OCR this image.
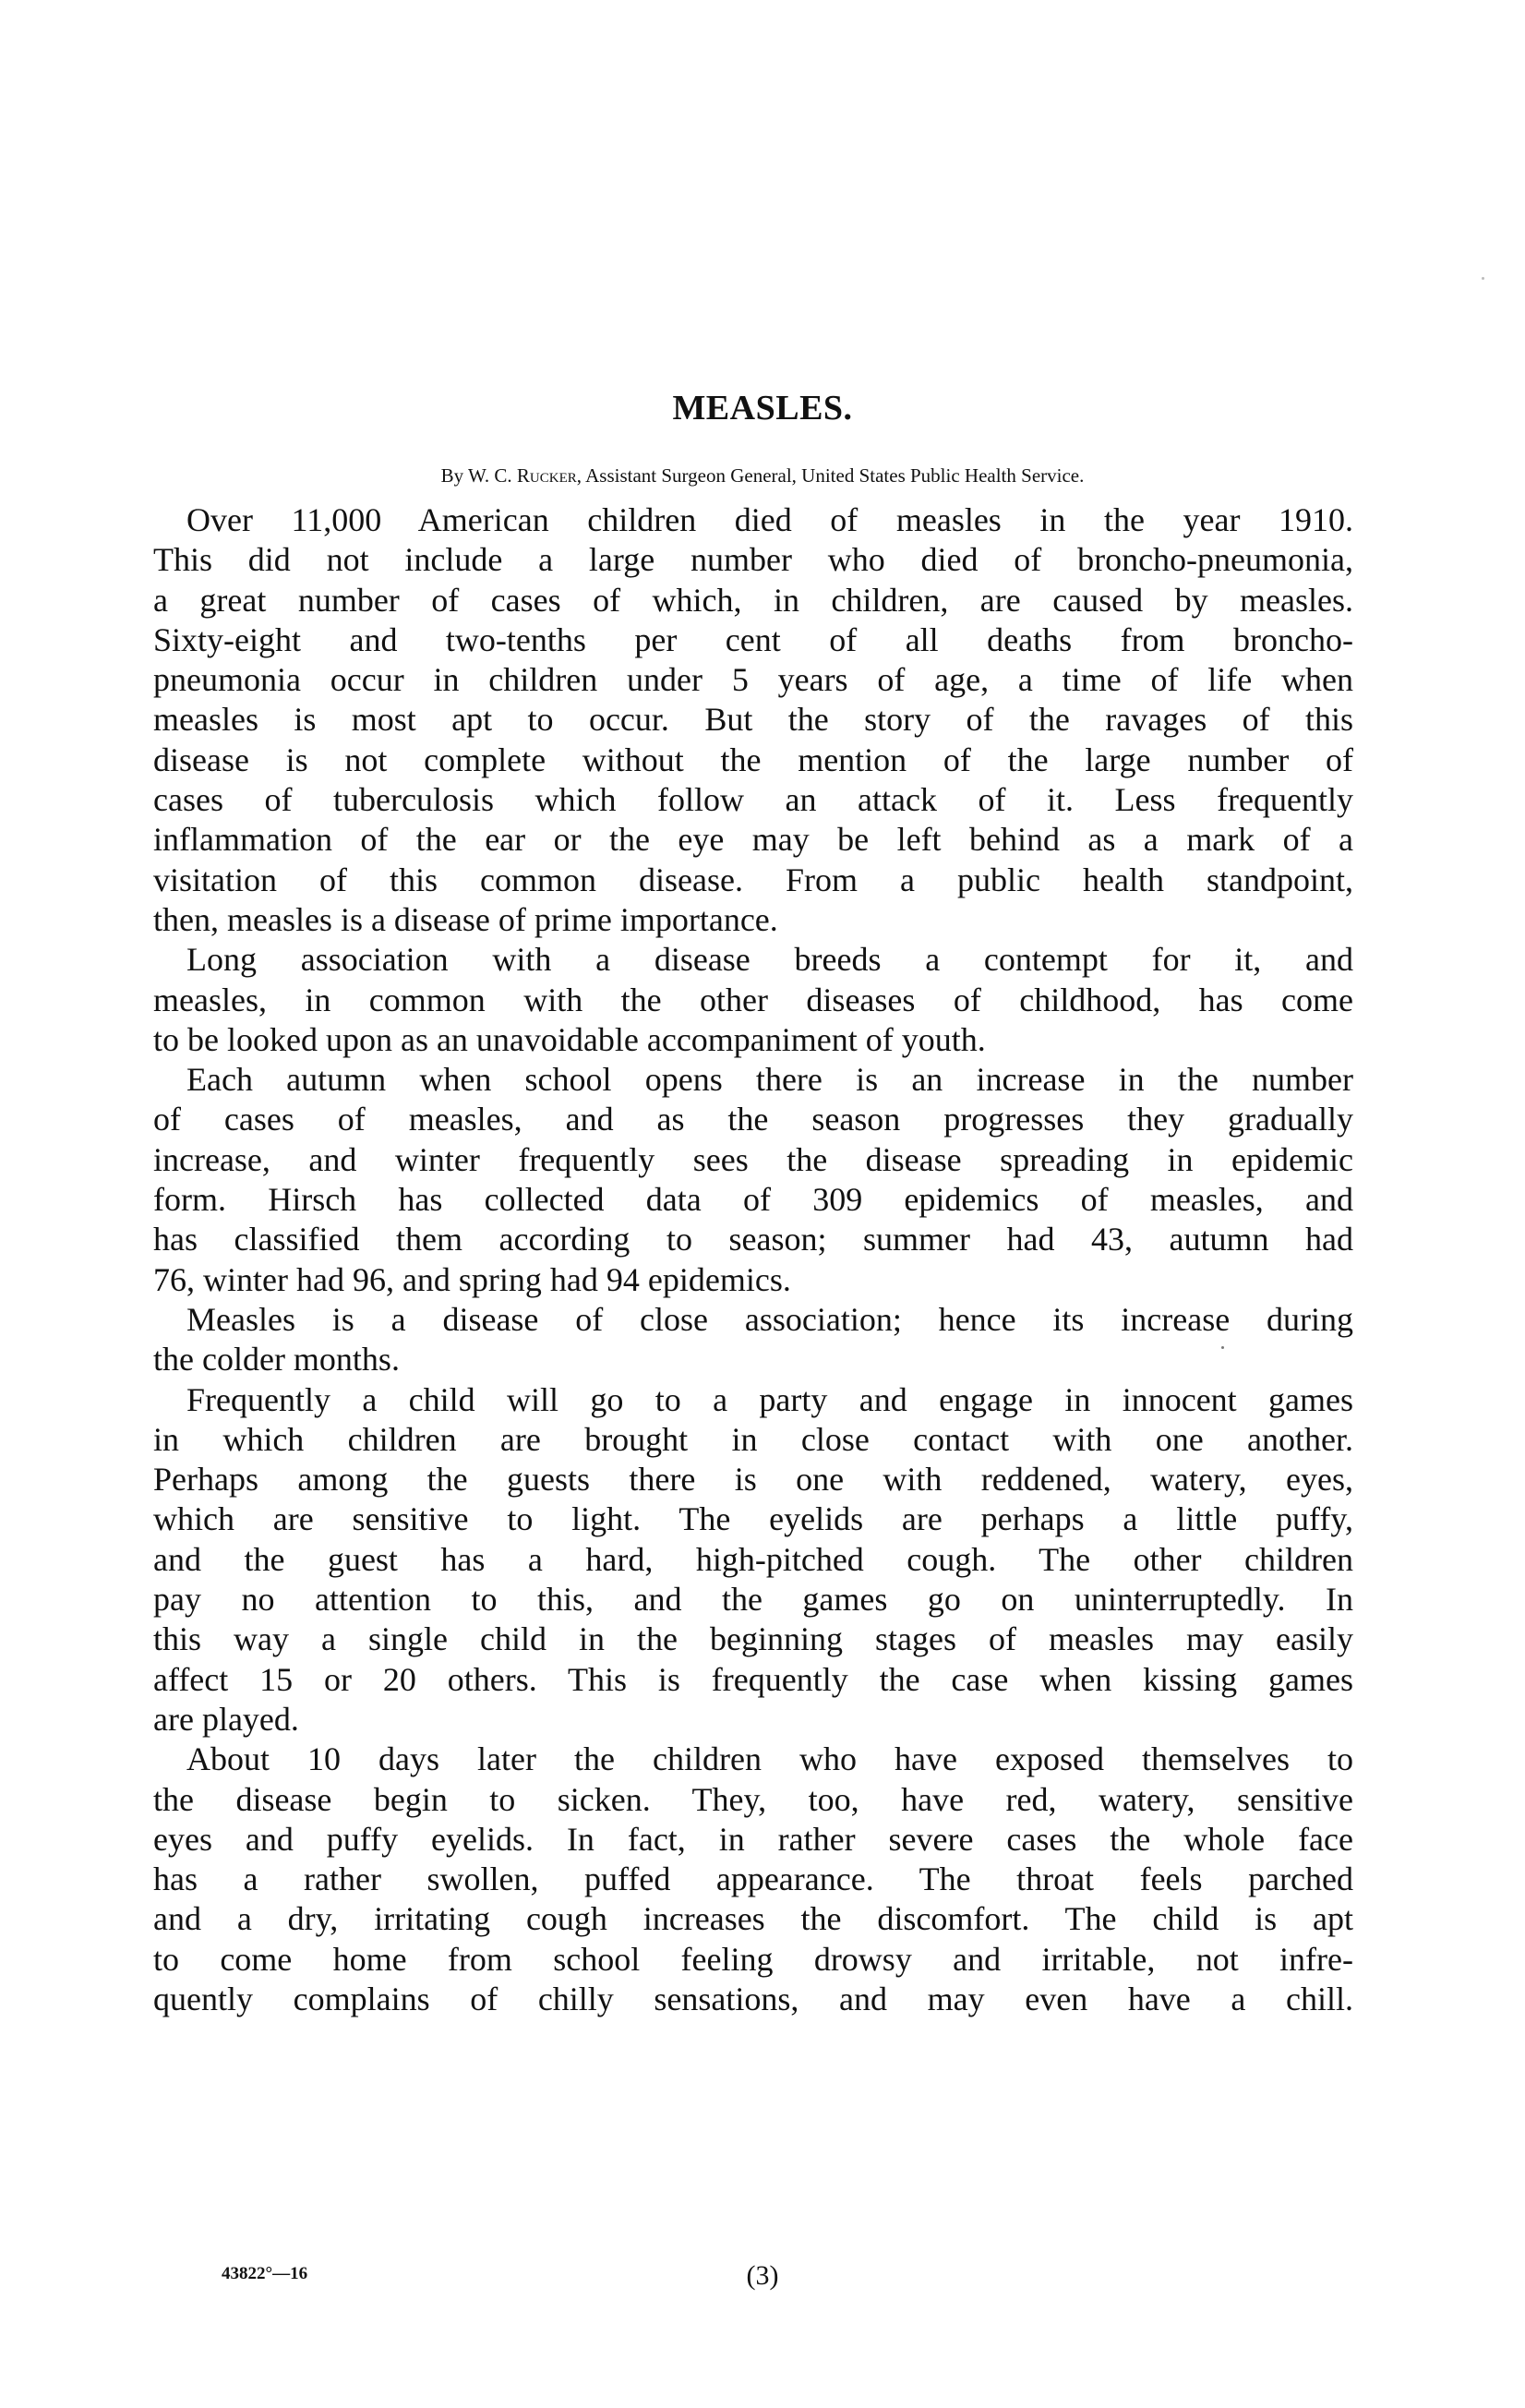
MEASLES.
By W. C. Rucker, Assistant Surgeon General, United States Public Health Service.
Over 11,000 American children died of measles in the year 1910.
This did not include a large number who died of broncho-pneumonia,
a great number of cases of which, in children, are caused by measles.
Sixty-eight and two-tenths per cent of all deaths from broncho-
pneumonia occur in children under 5 years of age, a time of life when
measles is most apt to occur. But the story of the ravages of this
disease is not complete without the mention of the large number of
cases of tuberculosis which follow an attack of it. Less frequently
inflammation of the ear or the eye may be left behind as a mark of a
visitation of this common disease. From a public health standpoint,
then, measles is a disease of prime importance.
Long association with a disease breeds a contempt for it, and
measles, in common with the other diseases of childhood, has come
to be looked upon as an unavoidable accompaniment of youth.
Each autumn when school opens there is an increase in the number
of cases of measles, and as the season progresses they gradually
increase, and winter frequently sees the disease spreading in epidemic
form. Hirsch has collected data of 309 epidemics of measles, and
has classified them according to season; summer had 43, autumn had
76, winter had 96, and spring had 94 epidemics.
Measles is a disease of close association; hence its increase during
the colder months.
Frequently a child will go to a party and engage in innocent games
in which children are brought in close contact with one another.
Perhaps among the guests there is one with reddened, watery, eyes,
which are sensitive to light. The eyelids are perhaps a little puffy,
and the guest has a hard, high-pitched cough. The other children
pay no attention to this, and the games go on uninterruptedly. In
this way a single child in the beginning stages of measles may easily
affect 15 or 20 others. This is frequently the case when kissing games
are played.
About 10 days later the children who have exposed themselves to
the disease begin to sicken. They, too, have red, watery, sensitive
eyes and puffy eyelids. In fact, in rather severe cases the whole face
has a rather swollen, puffed appearance. The throat feels parched
and a dry, irritating cough increases the discomfort. The child is apt
to come home from school feeling drowsy and irritable, not infre-
quently complains of chilly sensations, and may even have a chill.
43822°—16	(3)
